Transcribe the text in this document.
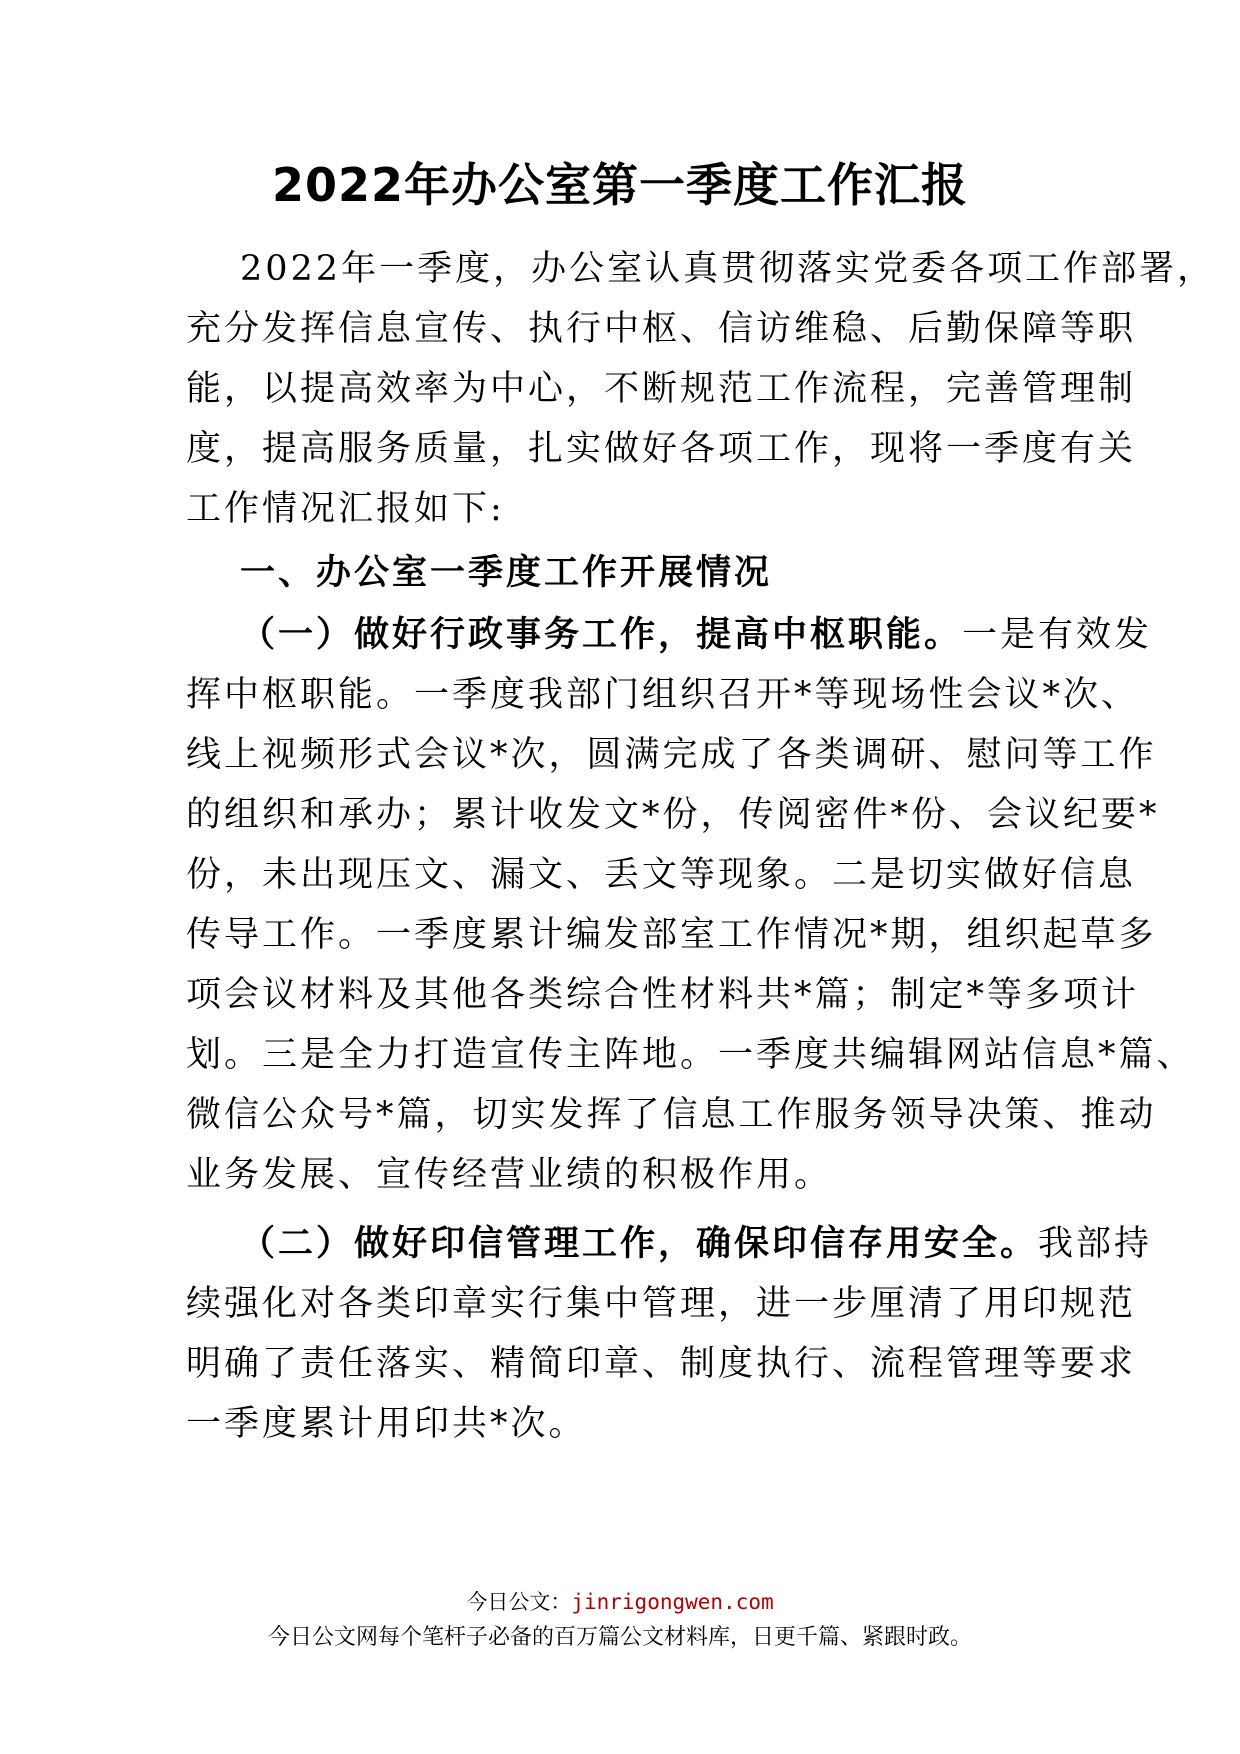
2022年办公室第一季度工作汇报
2022年一季度，办公室认真贯彻落实党委各项工作部署，
充分发挥信息宣传、执行中枢、信访维稳、后勤保障等职
能，以提高效率为中心，不断规范工作流程，完善管理制
度，提高服务质量，扎实做好各项工作，现将一季度有关
工作情况汇报如下:
一、办公室一季度工作开展情况
（一）做好行政事务工作，提高中枢职能。一是有效发
挥中枢职能。一季度我部门组织召开*等现场性会议*次、
线上视频形式会议*次，圆满完成了各类调研、慰问等工作
的组织和承办；累计收发文*份，传阅密件*份、会议纪要*
份，未出现压文、漏文、丢文等现象。二是切实做好信息
传导工作。一季度累计编发部室工作情况*期，组织起草多
项会议材料及其他各类综合性材料共*篇；制定*等多项计
划。三是全力打造宣传主阵地。一季度共编辑网站信息*篇、
微信公众号*篇，切实发挥了信息工作服务领导决策、推动
业务发展、宣传经营业绩的积极作用。
（二）做好印信管理工作，确保印信存用安全。我部持
续强化对各类印章实行集中管理，进一步厘清了用印规范
明确了责任落实、精简印章、制度执行、流程管理等要求
一季度累计用印共*次。
今日公文：jinrigongwen.com
今日公文网每个笔杆子必备的百万篇公文材料库，日更千篇、紧跟时政。
